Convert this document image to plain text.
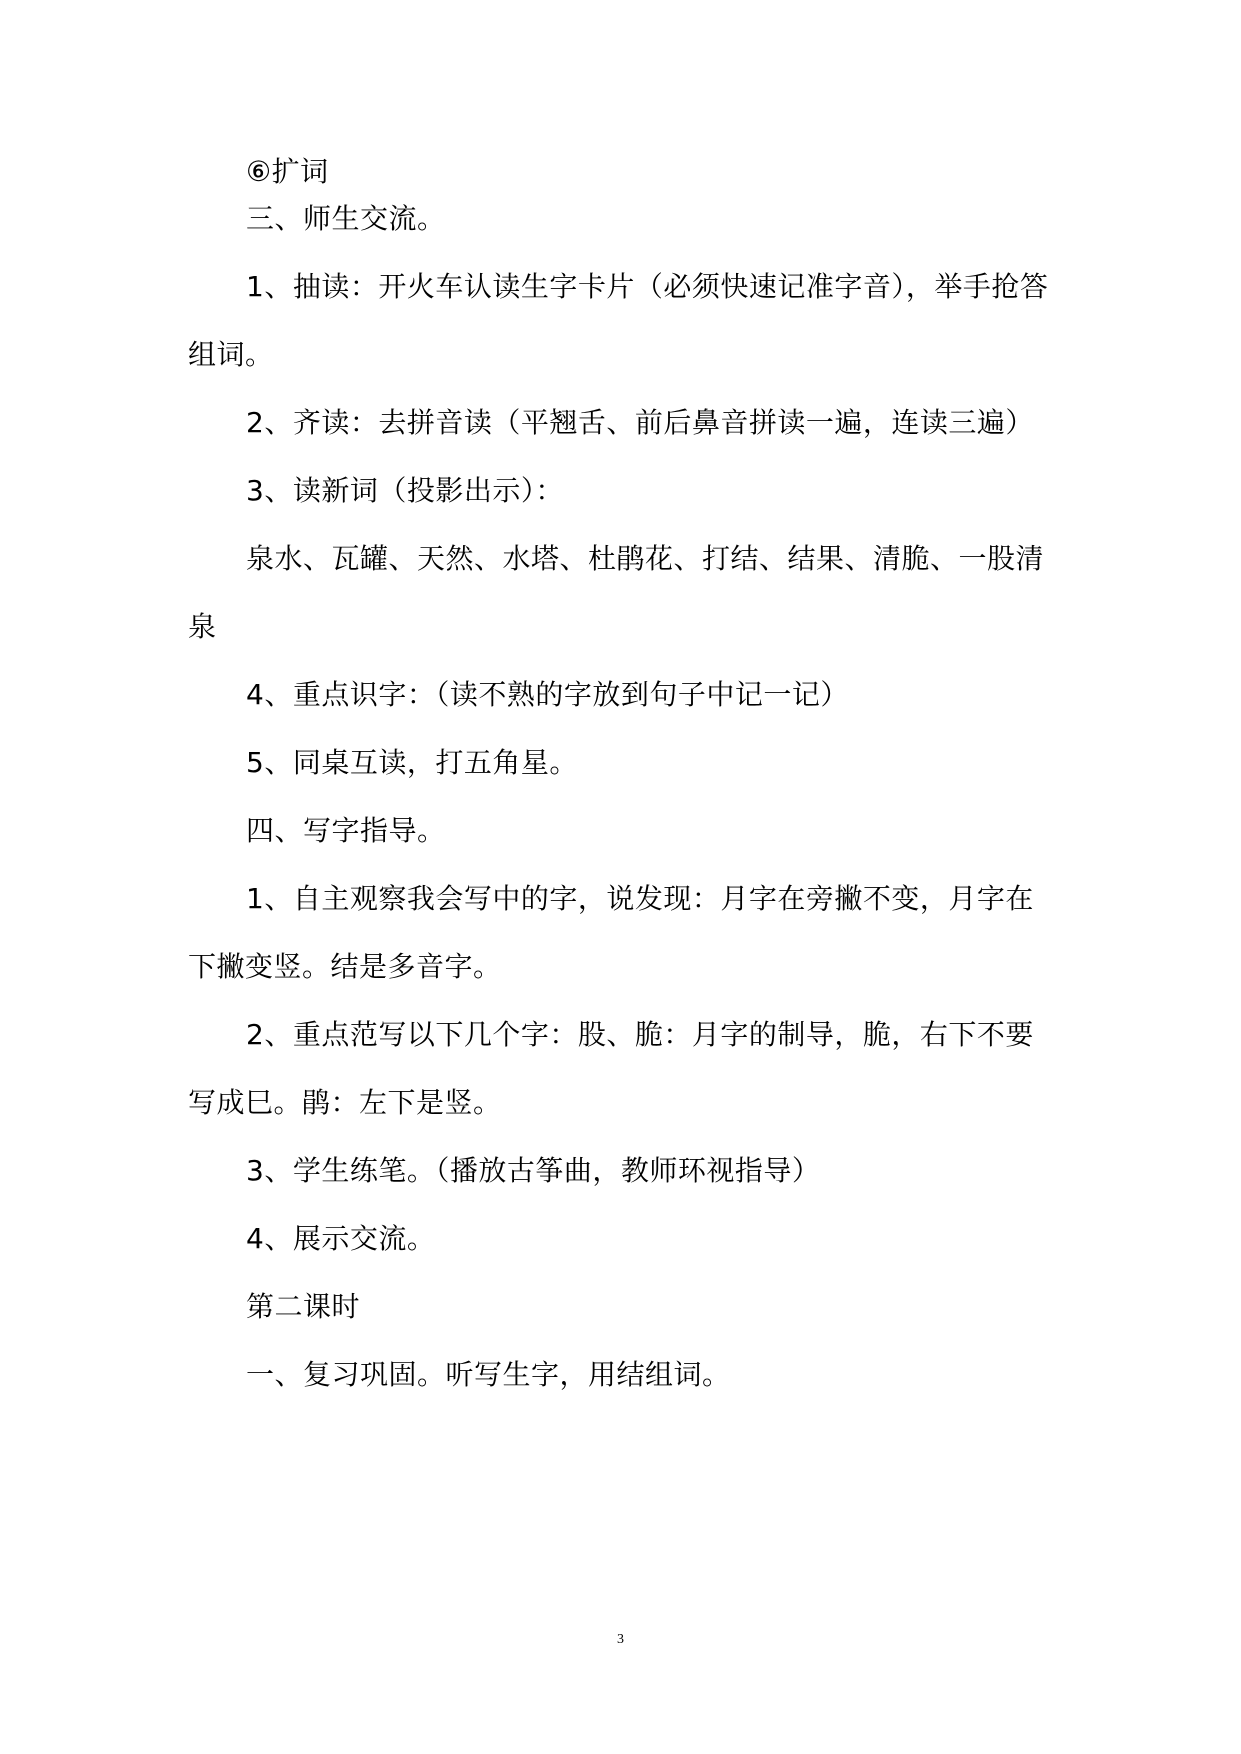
⑥扩词

三、师生交流。

1、抽读：开火车认读生字卡片（必须快速记准字音），举手抢答

组词。

2、齐读：去拼音读（平翘舌、前后鼻音拼读一遍，连读三遍）

3、读新词（投影出示）：

泉水、瓦罐、天然、水塔、杜鹃花、打结、结果、清脆、一股清

泉

4、重点识字：（读不熟的字放到句子中记一记）

5、同桌互读，打五角星。

四、写字指导。

1、自主观察我会写中的字，说发现：月字在旁撇不变，月字在

下撇变竖。结是多音字。

2、重点范写以下几个字：股、脆：月字的制导，脆，右下不要

写成巳。鹃：左下是竖。

3、学生练笔。（播放古筝曲，教师环视指导）

4、展示交流。

第二课时

一、复习巩固。听写生字，用结组词。

3
